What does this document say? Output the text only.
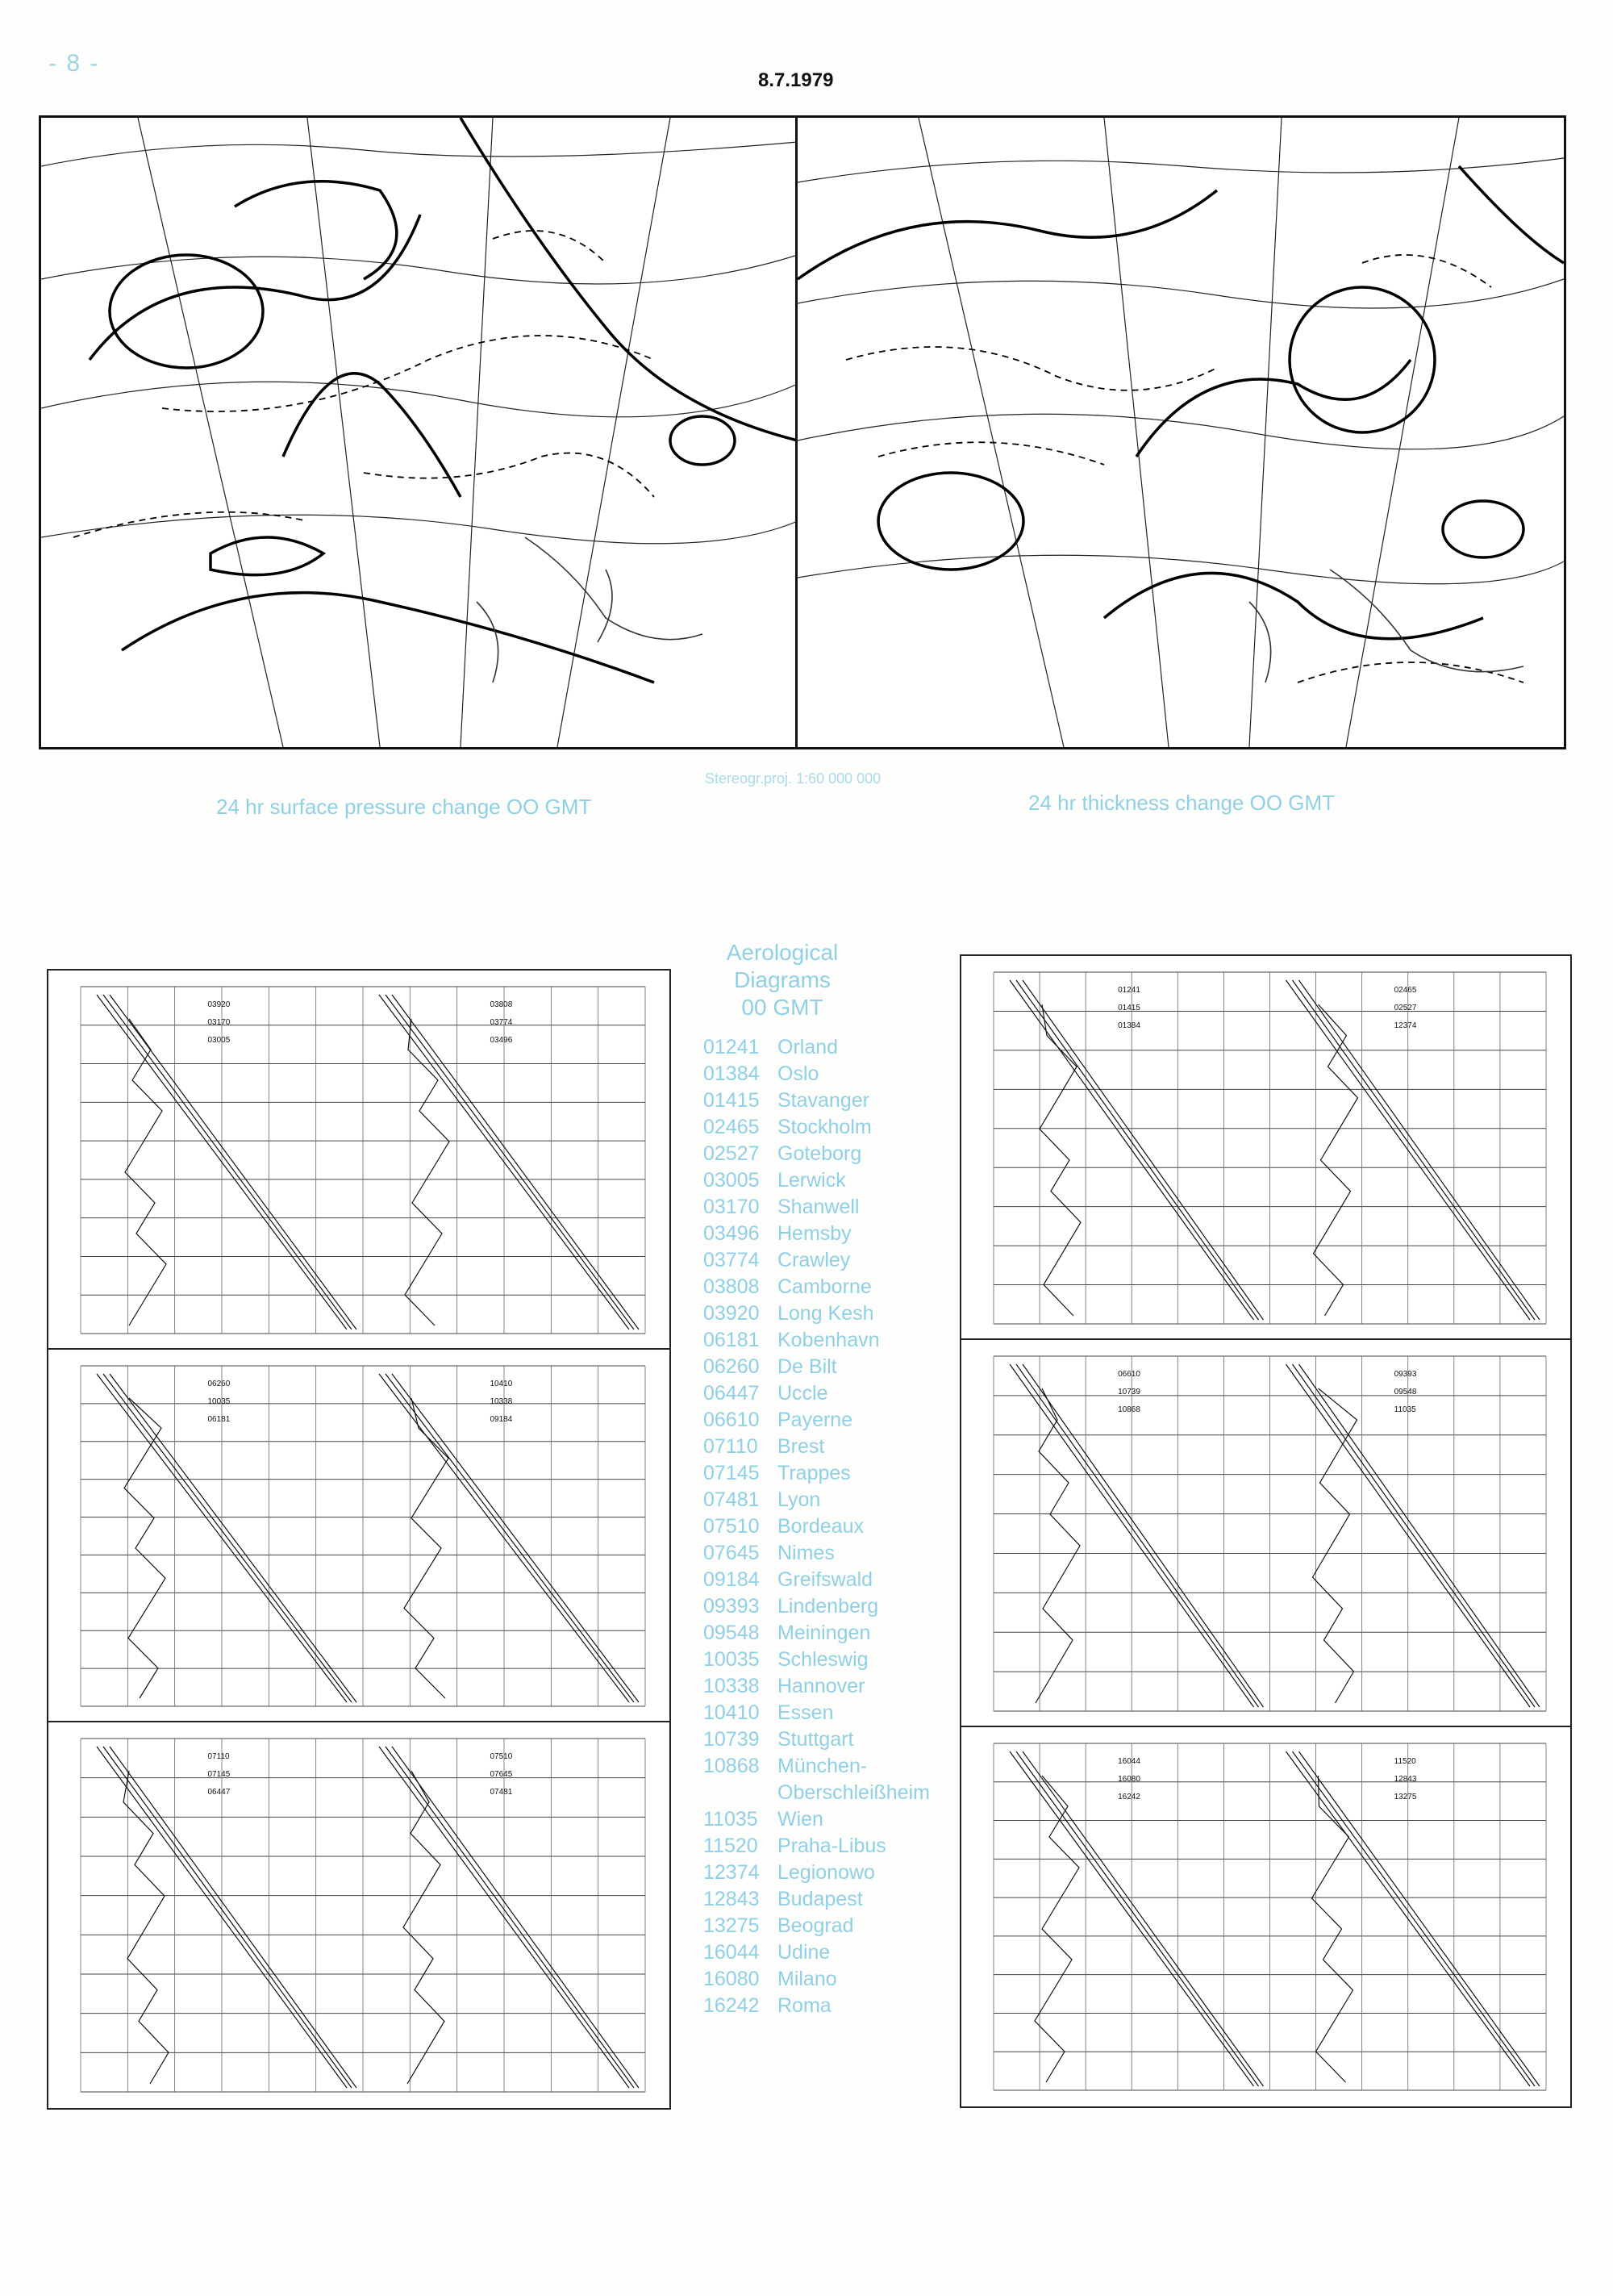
- 8 -
8.7.1979
Stereogr.proj. 1:60 000 000
24 hr surface pressure change OO GMT	24 hr thickness change OO GMT
03920
03170
03005
03808
03774
03496
06260
10035
06181
10410
10338
09184
07110
07145
06447
07510
07645
07481
01241
01415
01384
02465
02527
12374
06610
10739
10868
09393
09548
11035
16044
16080
16242
11520
12843
13275
Aerological
Diagrams
00 GMT
01241 Orland
01384 Oslo
01415 Stavanger
02465 Stockholm
02527 Goteborg
03005 Lerwick
03170 Shanwell
03496 Hemsby
03774 Crawley
03808 Camborne
03920 Long Kesh
06181 Kobenhavn
06260 De Bilt
06447 Uccle
06610 Payerne
07110 Brest
07145 Trappes
07481 Lyon
07510 Bordeaux
07645 Nimes
09184 Greifswald
09393 Lindenberg
09548 Meiningen
10035 Schleswig
10338 Hannover
10410 Essen
10739 Stuttgart
10868 München-
Oberschleißheim
11035 Wien
11520 Praha-Libus
12374 Legionowo
12843 Budapest
13275 Beograd
16044 Udine
16080 Milano
16242 Roma
